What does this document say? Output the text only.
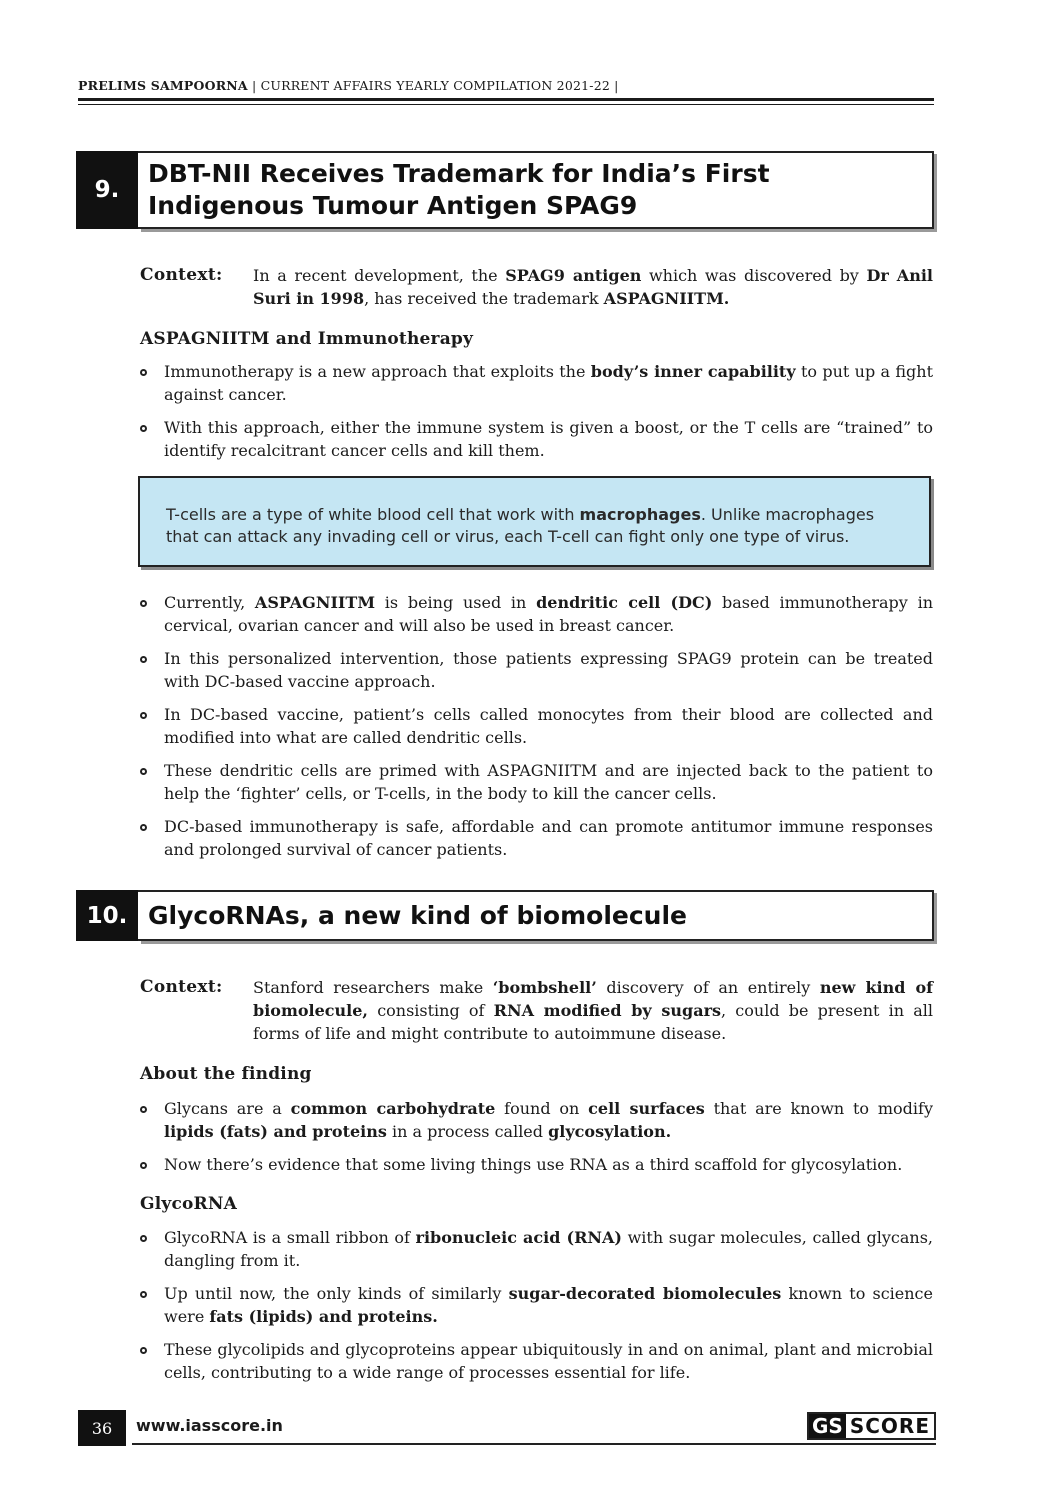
PRELIMS SAMPOORNA | CURRENT AFFAIRS YEARLY COMPILATION 2021-22 |
9.
DBT-NII Receives Trademark for India’s First Indigenous Tumour Antigen SPAG9
Context:	In a recent development, the SPAG9 antigen which was discovered by Dr Anil Suri in 1998, has received the trademark ASPAGNIITM.
ASPAGNIITM and Immunotherapy
Immunotherapy is a new approach that exploits the body’s inner capability to put up a fight against cancer.
With this approach, either the immune system is given a boost, or the T cells are “trained” to identify recalcitrant cancer cells and kill them.
T-cells are a type of white blood cell that work with macrophages. Unlike macrophages that can attack any invading cell or virus, each T-cell can fight only one type of virus.
Currently, ASPAGNIITM is being used in dendritic cell (DC) based immunotherapy in cervical, ovarian cancer and will also be used in breast cancer.
In this personalized intervention, those patients expressing SPAG9 protein can be treated with DC-based vaccine approach.
In DC-based vaccine, patient’s cells called monocytes from their blood are collected and modified into what are called dendritic cells.
These dendritic cells are primed with ASPAGNIITM and are injected back to the patient to help the ‘fighter’ cells, or T-cells, in the body to kill the cancer cells.
DC-based immunotherapy is safe, affordable and can promote antitumor immune responses and prolonged survival of cancer patients.
10. GlycoRNAs, a new kind of biomolecule
Context:	Stanford researchers make ‘bombshell’ discovery of an entirely new kind of biomolecule, consisting of RNA modified by sugars, could be present in all forms of life and might contribute to autoimmune disease.
About the finding
Glycans are a common carbohydrate found on cell surfaces that are known to modify lipids (fats) and proteins in a process called glycosylation.
Now there’s evidence that some living things use RNA as a third scaffold for glycosylation.
GlycoRNA
GlycoRNA is a small ribbon of ribonucleic acid (RNA) with sugar molecules, called glycans, dangling from it.
Up until now, the only kinds of similarly sugar-decorated biomolecules known to science were fats (lipids) and proteins.
These glycolipids and glycoproteins appear ubiquitously in and on animal, plant and microbial cells, contributing to a wide range of processes essential for life.
36	www.iasscore.in	GS SCORE
